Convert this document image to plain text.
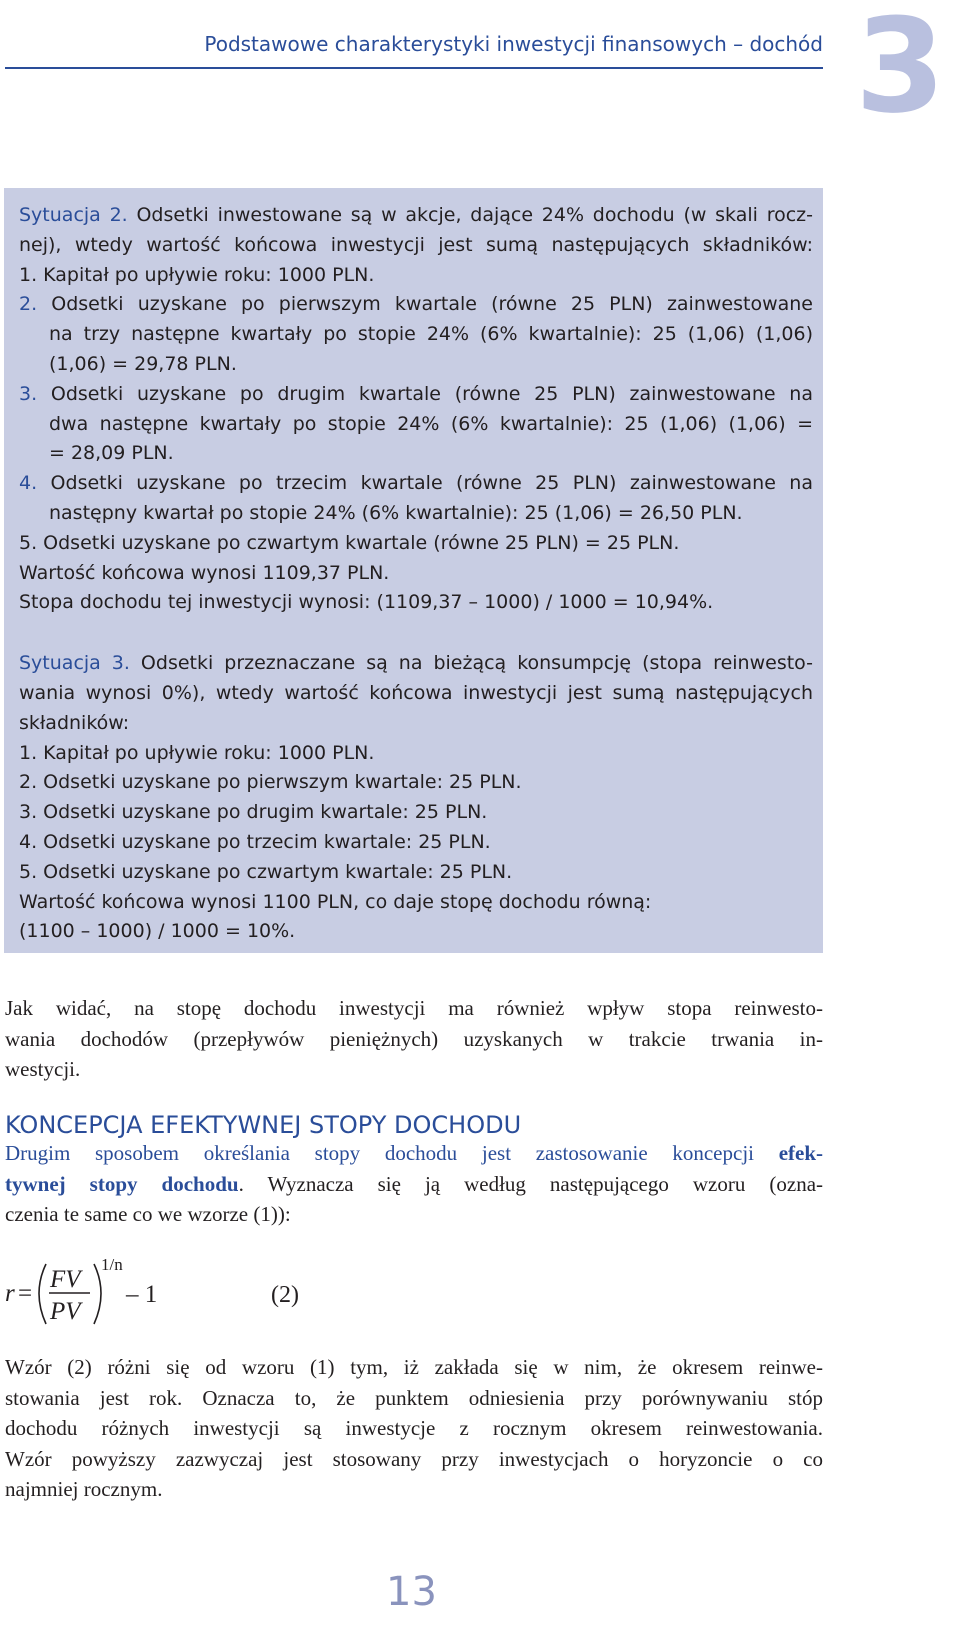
Podstawowe charakterystyki inwestycji finansowych – dochód 3
Sytuacja 2. Odsetki inwestowane są w akcje, dające 24% dochodu (w skali rocz-
nej), wtedy wartość końcowa inwestycji jest sumą następujących składników:
1. Kapitał po upływie roku: 1000 PLN.
2. Odsetki uzyskane po pierwszym kwartale (równe 25 PLN) zainwestowane
na trzy następne kwartały po stopie 24% (6% kwartalnie): 25 (1,06) (1,06)
(1,06) = 29,78 PLN.
3. Odsetki uzyskane po drugim kwartale (równe 25 PLN) zainwestowane na
dwa następne kwartały po stopie 24% (6% kwartalnie): 25 (1,06) (1,06) =
= 28,09 PLN.
4. Odsetki uzyskane po trzecim kwartale (równe 25 PLN) zainwestowane na
następny kwartał po stopie 24% (6% kwartalnie): 25 (1,06) = 26,50 PLN.
5. Odsetki uzyskane po czwartym kwartale (równe 25 PLN) = 25 PLN.
Wartość końcowa wynosi 1109,37 PLN.
Stopa dochodu tej inwestycji wynosi: (1109,37 – 1000) / 1000 = 10,94%.
Sytuacja 3. Odsetki przeznaczane są na bieżącą konsumpcję (stopa reinwesto-
wania wynosi 0%), wtedy wartość końcowa inwestycji jest sumą następujących
składników:
1. Kapitał po upływie roku: 1000 PLN.
2. Odsetki uzyskane po pierwszym kwartale: 25 PLN.
3. Odsetki uzyskane po drugim kwartale: 25 PLN.
4. Odsetki uzyskane po trzecim kwartale: 25 PLN.
5. Odsetki uzyskane po czwartym kwartale: 25 PLN.
Wartość końcowa wynosi 1100 PLN, co daje stopę dochodu równą:
(1100 – 1000) / 1000 = 10%.
Jak widać, na stopę dochodu inwestycji ma również wpływ stopa reinwesto-
wania dochodów (przepływów pieniężnych) uzyskanych w trakcie trwania in-
westycji.
KONCEPCJA EFEKTYWNEJ STOPY DOCHODU
Drugim sposobem określania stopy dochodu jest zastosowanie koncepcji efek-
tywnej stopy dochodu. Wyznacza się ją według następującego wzoru (ozna-
czenia te same co we wzorze (1)):
r =
FV
PV
1/n
– 1	(2)
Wzór (2) różni się od wzoru (1) tym, iż zakłada się w nim, że okresem reinwe-
stowania jest rok. Oznacza to, że punktem odniesienia przy porównywaniu stóp
dochodu różnych inwestycji są inwestycje z rocznym okresem reinwestowania.
Wzór powyższy zazwyczaj jest stosowany przy inwestycjach o horyzoncie o co
najmniej rocznym.
13
